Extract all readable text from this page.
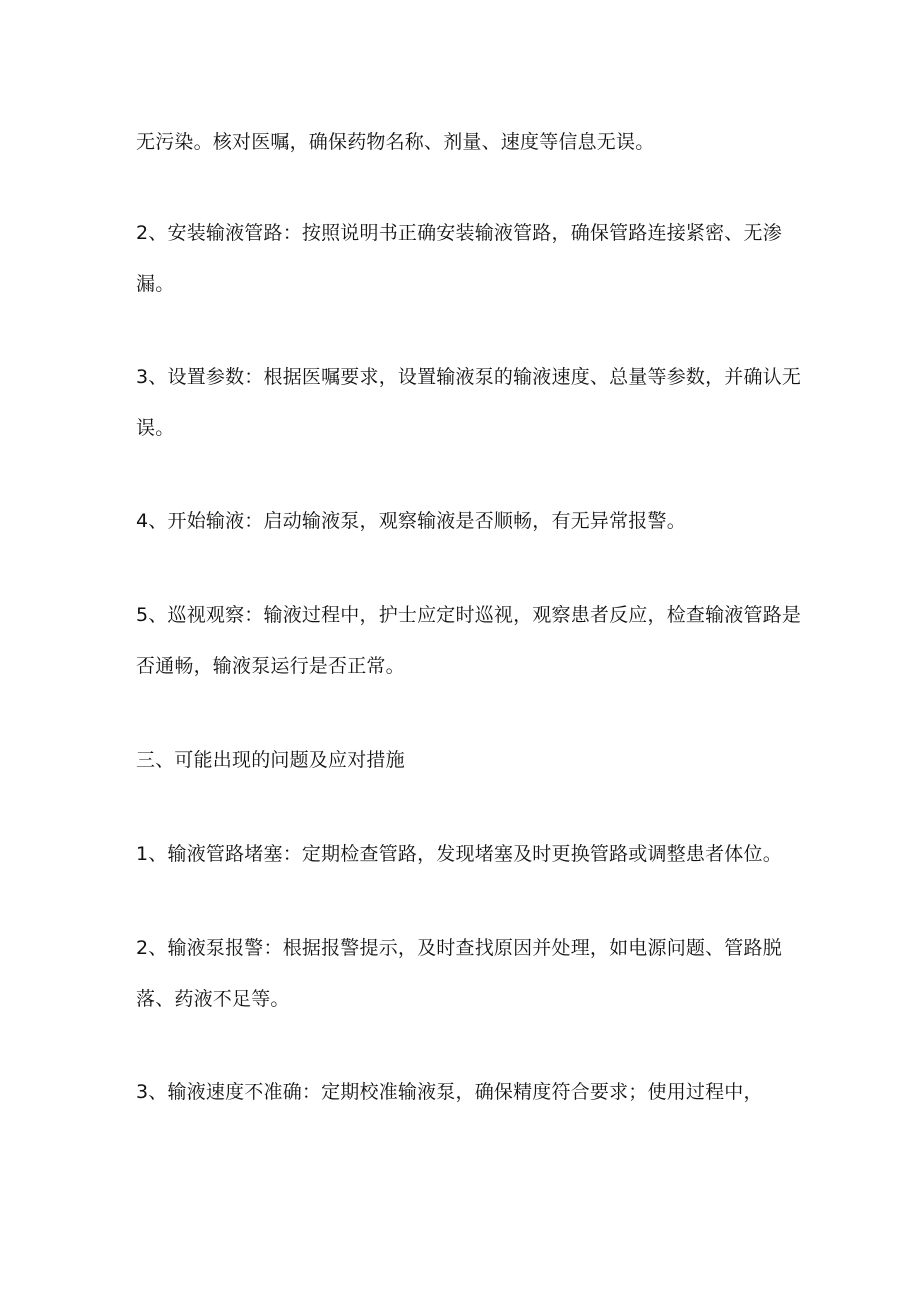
无污染。核对医嘱，确保药物名称、剂量、速度等信息无误。
2、安装输液管路：按照说明书正确安装输液管路，确保管路连接紧密、无渗
漏。
3、设置参数：根据医嘱要求，设置输液泵的输液速度、总量等参数，并确认无
误。
4、开始输液：启动输液泵，观察输液是否顺畅，有无异常报警。
5、巡视观察：输液过程中，护士应定时巡视，观察患者反应，检查输液管路是
否通畅，输液泵运行是否正常。
三、可能出现的问题及应对措施
1、输液管路堵塞：定期检查管路，发现堵塞及时更换管路或调整患者体位。
2、输液泵报警：根据报警提示，及时查找原因并处理，如电源问题、管路脱
落、药液不足等。
3、输液速度不准确：定期校准输液泵，确保精度符合要求；使用过程中，
